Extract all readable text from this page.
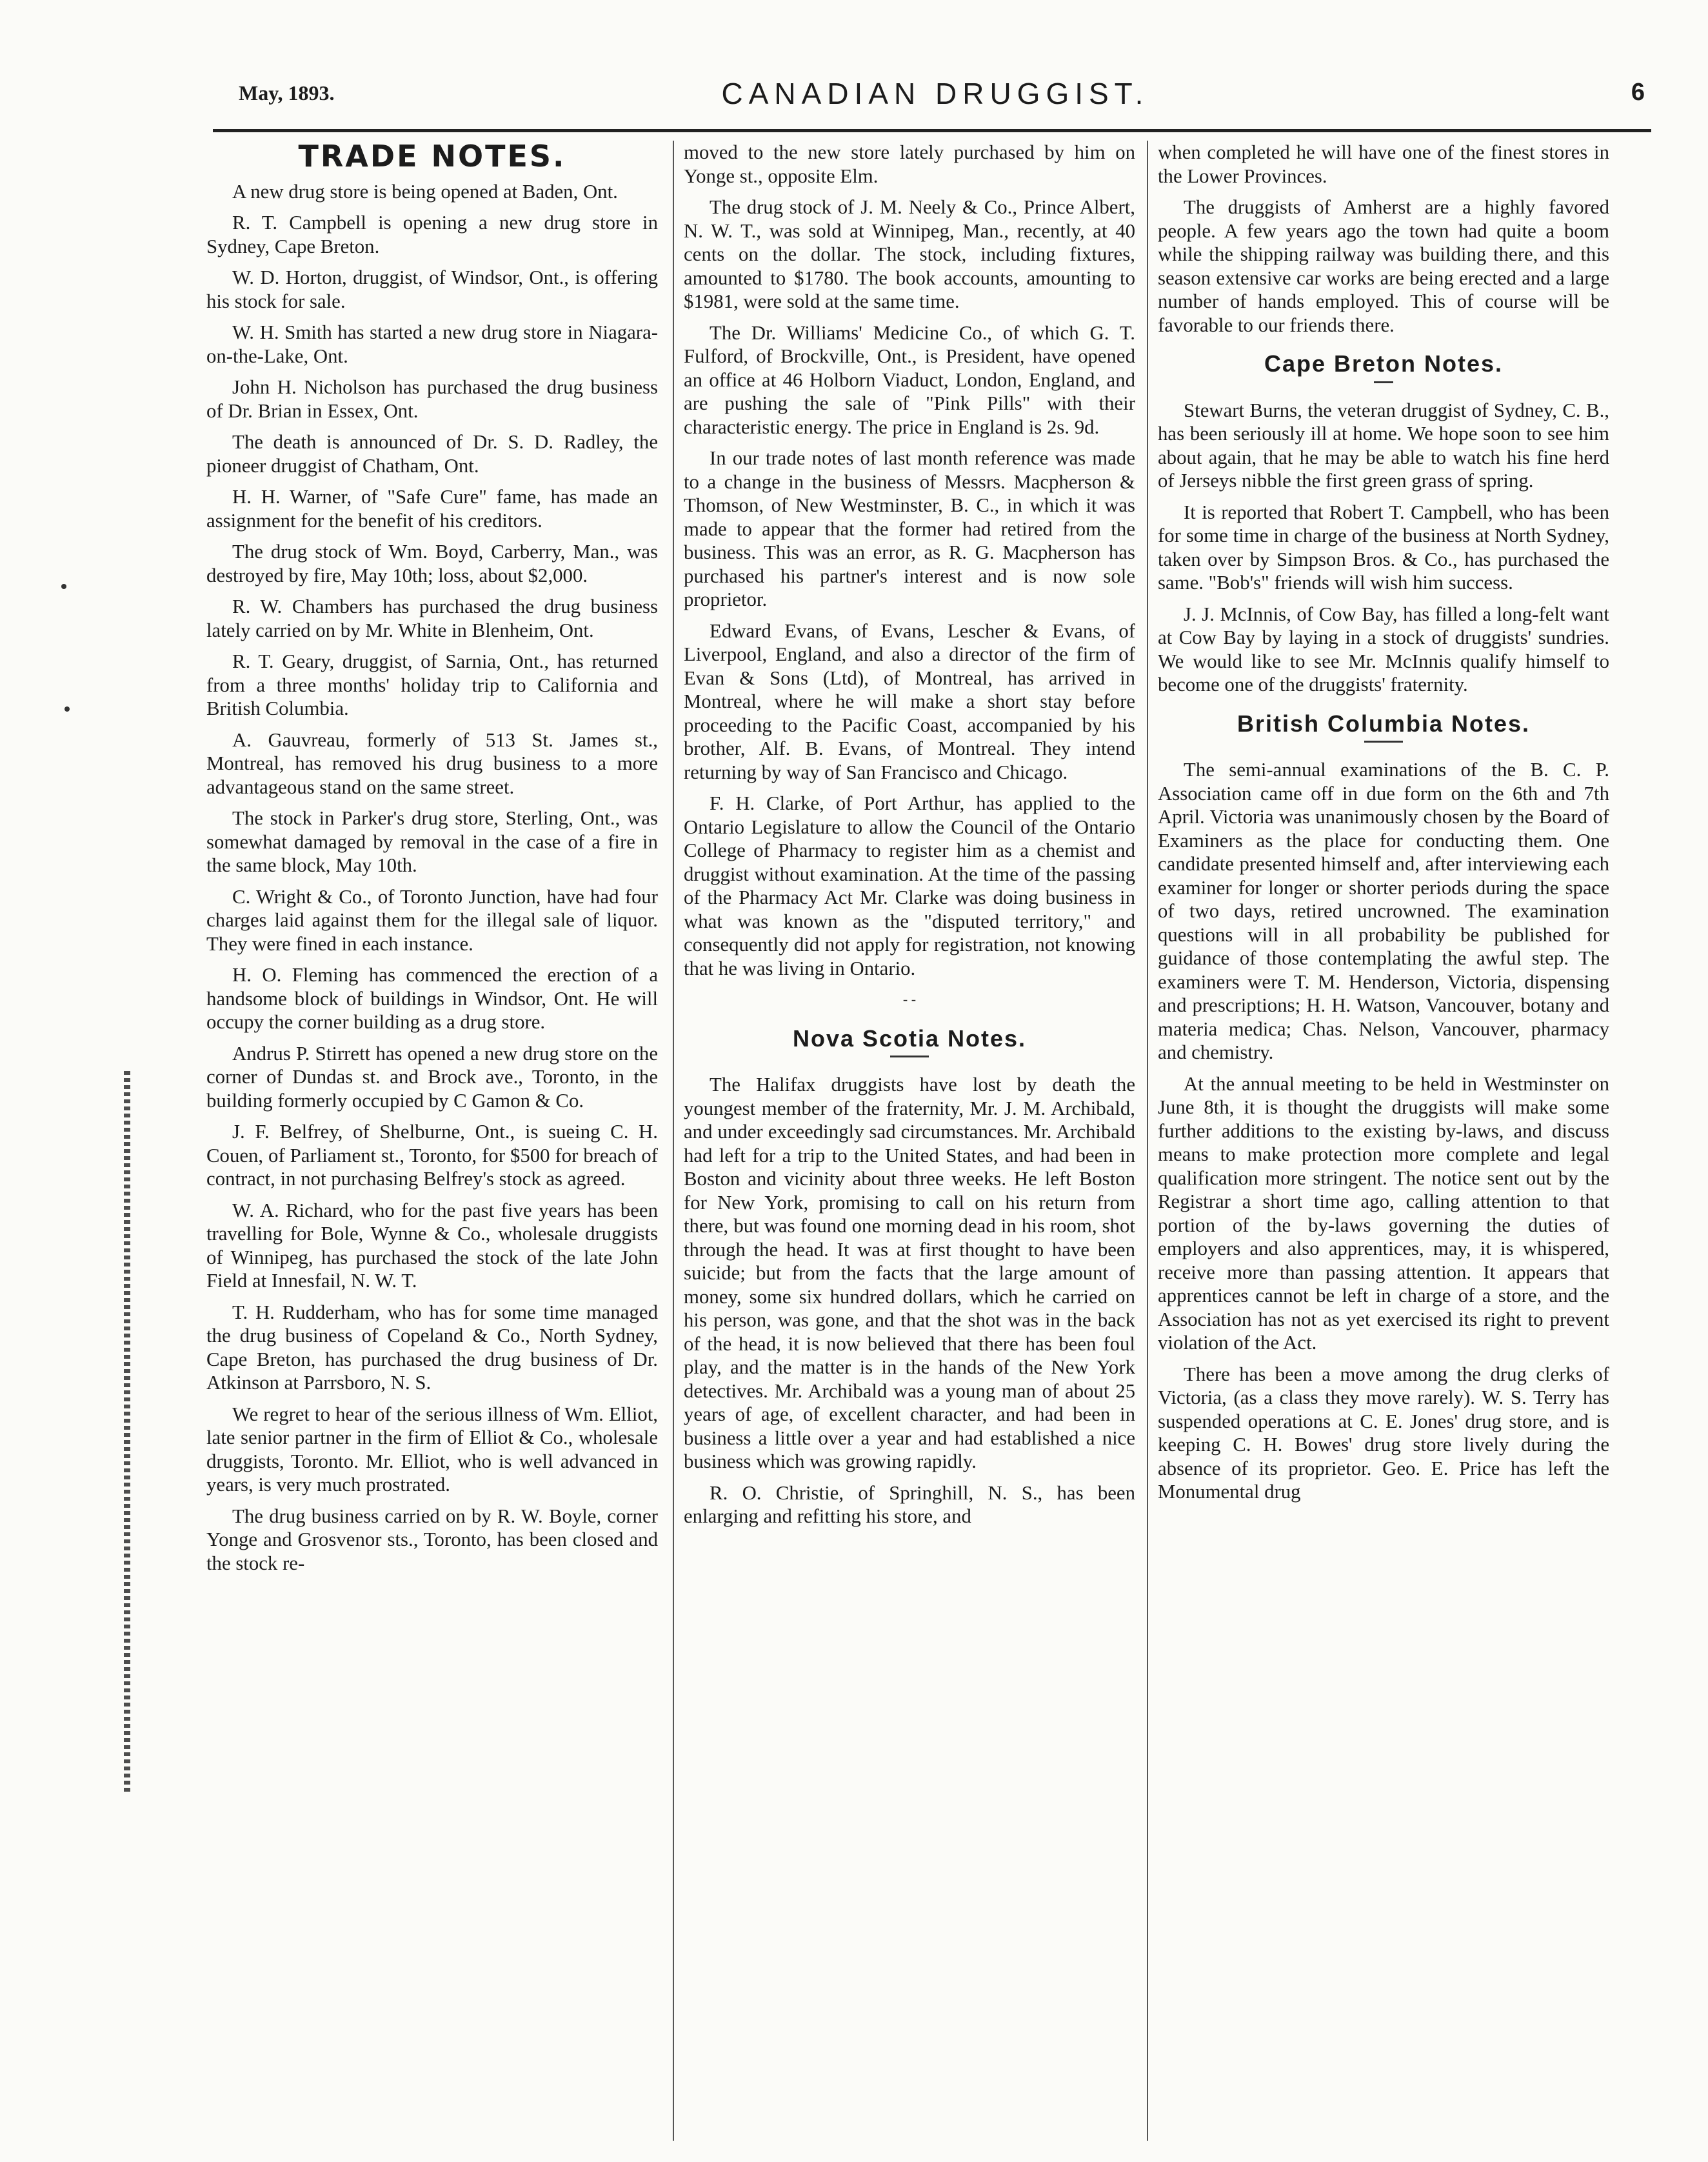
May, 1893.	CANADIAN DRUGGIST.	6
TRADE NOTES.

A new drug store is being opened at Baden, Ont.

R. T. Campbell is opening a new drug store in Sydney, Cape Breton.

W. D. Horton, druggist, of Windsor, Ont., is offering his stock for sale.

W. H. Smith has started a new drug store in Niagara-on-the-Lake, Ont.

John H. Nicholson has purchased the drug business of Dr. Brian in Essex, Ont.

The death is announced of Dr. S. D. Radley, the pioneer druggist of Chatham, Ont.

H. H. Warner, of "Safe Cure" fame, has made an assignment for the benefit of his creditors.

The drug stock of Wm. Boyd, Carberry, Man., was destroyed by fire, May 10th; loss, about $2,000.

R. W. Chambers has purchased the drug business lately carried on by Mr. White in Blenheim, Ont.

R. T. Geary, druggist, of Sarnia, Ont., has returned from a three months' holiday trip to California and British Columbia.

A. Gauvreau, formerly of 513 St. James st., Montreal, has removed his drug business to a more advantageous stand on the same street.

The stock in Parker's drug store, Sterling, Ont., was somewhat damaged by removal in the case of a fire in the same block, May 10th.

C. Wright & Co., of Toronto Junction, have had four charges laid against them for the illegal sale of liquor. They were fined in each instance.

H. O. Fleming has commenced the erection of a handsome block of buildings in Windsor, Ont. He will occupy the corner building as a drug store.

Andrus P. Stirrett has opened a new drug store on the corner of Dundas st. and Brock ave., Toronto, in the building formerly occupied by C Gamon & Co.

J. F. Belfrey, of Shelburne, Ont., is sueing C. H. Couen, of Parliament st., Toronto, for $500 for breach of contract, in not purchasing Belfrey's stock as agreed.

W. A. Richard, who for the past five years has been travelling for Bole, Wynne & Co., wholesale druggists of Winnipeg, has purchased the stock of the late John Field at Innesfail, N. W. T.

T. H. Rudderham, who has for some time managed the drug business of Copeland & Co., North Sydney, Cape Breton, has purchased the drug business of Dr. Atkinson at Parrsboro, N. S.

We regret to hear of the serious illness of Wm. Elliot, late senior partner in the firm of Elliot & Co., wholesale druggists, Toronto. Mr. Elliot, who is well advanced in years, is very much prostrated.

The drug business carried on by R. W. Boyle, corner Yonge and Grosvenor sts., Toronto, has been closed and the stock re-

moved to the new store lately purchased by him on Yonge st., opposite Elm.

The drug stock of J. M. Neely & Co., Prince Albert, N. W. T., was sold at Winnipeg, Man., recently, at 40 cents on the dollar. The stock, including fixtures, amounted to $1780. The book accounts, amounting to $1981, were sold at the same time.

The Dr. Williams' Medicine Co., of which G. T. Fulford, of Brockville, Ont., is President, have opened an office at 46 Holborn Viaduct, London, England, and are pushing the sale of "Pink Pills" with their characteristic energy. The price in England is 2s. 9d.

In our trade notes of last month reference was made to a change in the business of Messrs. Macpherson & Thomson, of New Westminster, B. C., in which it was made to appear that the former had retired from the business. This was an error, as R. G. Macpherson has purchased his partner's interest and is now sole proprietor.

Edward Evans, of Evans, Lescher & Evans, of Liverpool, England, and also a director of the firm of Evan & Sons (Ltd), of Montreal, has arrived in Montreal, where he will make a short stay before proceeding to the Pacific Coast, accompanied by his brother, Alf. B. Evans, of Montreal. They intend returning by way of San Francisco and Chicago.

F. H. Clarke, of Port Arthur, has applied to the Ontario Legislature to allow the Council of the Ontario College of Pharmacy to register him as a chemist and druggist without examination. At the time of the passing of the Pharmacy Act Mr. Clarke was doing business in what was known as the "disputed territory," and consequently did not apply for registration, not knowing that he was living in Ontario.

- -
Nova Scotia Notes.

The Halifax druggists have lost by death the youngest member of the fraternity, Mr. J. M. Archibald, and under exceedingly sad circumstances. Mr. Archibald had left for a trip to the United States, and had been in Boston and vicinity about three weeks. He left Boston for New York, promising to call on his return from there, but was found one morning dead in his room, shot through the head. It was at first thought to have been suicide; but from the facts that the large amount of money, some six hundred dollars, which he carried on his person, was gone, and that the shot was in the back of the head, it is now believed that there has been foul play, and the matter is in the hands of the New York detectives. Mr. Archibald was a young man of about 25 years of age, of excellent character, and had been in business a little over a year and had established a nice business which was growing rapidly.

R. O. Christie, of Springhill, N. S., has been enlarging and refitting his store, and

when completed he will have one of the finest stores in the Lower Provinces.

The druggists of Amherst are a highly favored people. A few years ago the town had quite a boom while the shipping railway was building there, and this season extensive car works are being erected and a large number of hands employed. This of course will be favorable to our friends there.

Cape Breton Notes.

Stewart Burns, the veteran druggist of Sydney, C. B., has been seriously ill at home. We hope soon to see him about again, that he may be able to watch his fine herd of Jerseys nibble the first green grass of spring.

It is reported that Robert T. Campbell, who has been for some time in charge of the business at North Sydney, taken over by Simpson Bros. & Co., has purchased the same. "Bob's" friends will wish him success.

J. J. McInnis, of Cow Bay, has filled a long-felt want at Cow Bay by laying in a stock of druggists' sundries. We would like to see Mr. McInnis qualify himself to become one of the druggists' fraternity.

British Columbia Notes.

The semi-annual examinations of the B. C. P. Association came off in due form on the 6th and 7th April. Victoria was unanimously chosen by the Board of Examiners as the place for conducting them. One candidate presented himself and, after interviewing each examiner for longer or shorter periods during the space of two days, retired uncrowned. The examination questions will in all probability be published for guidance of those contemplating the awful step. The examiners were T. M. Henderson, Victoria, dispensing and prescriptions; H. H. Watson, Vancouver, botany and materia medica; Chas. Nelson, Vancouver, pharmacy and chemistry.

At the annual meeting to be held in Westminster on June 8th, it is thought the druggists will make some further additions to the existing by-laws, and discuss means to make protection more complete and legal qualification more stringent. The notice sent out by the Registrar a short time ago, calling attention to that portion of the by-laws governing the duties of employers and also apprentices, may, it is whispered, receive more than passing attention. It appears that apprentices cannot be left in charge of a store, and the Association has not as yet exercised its right to prevent violation of the Act.

There has been a move among the drug clerks of Victoria, (as a class they move rarely). W. S. Terry has suspended operations at C. E. Jones' drug store, and is keeping C. H. Bowes' drug store lively during the absence of its proprietor. Geo. E. Price has left the Monumental drug
